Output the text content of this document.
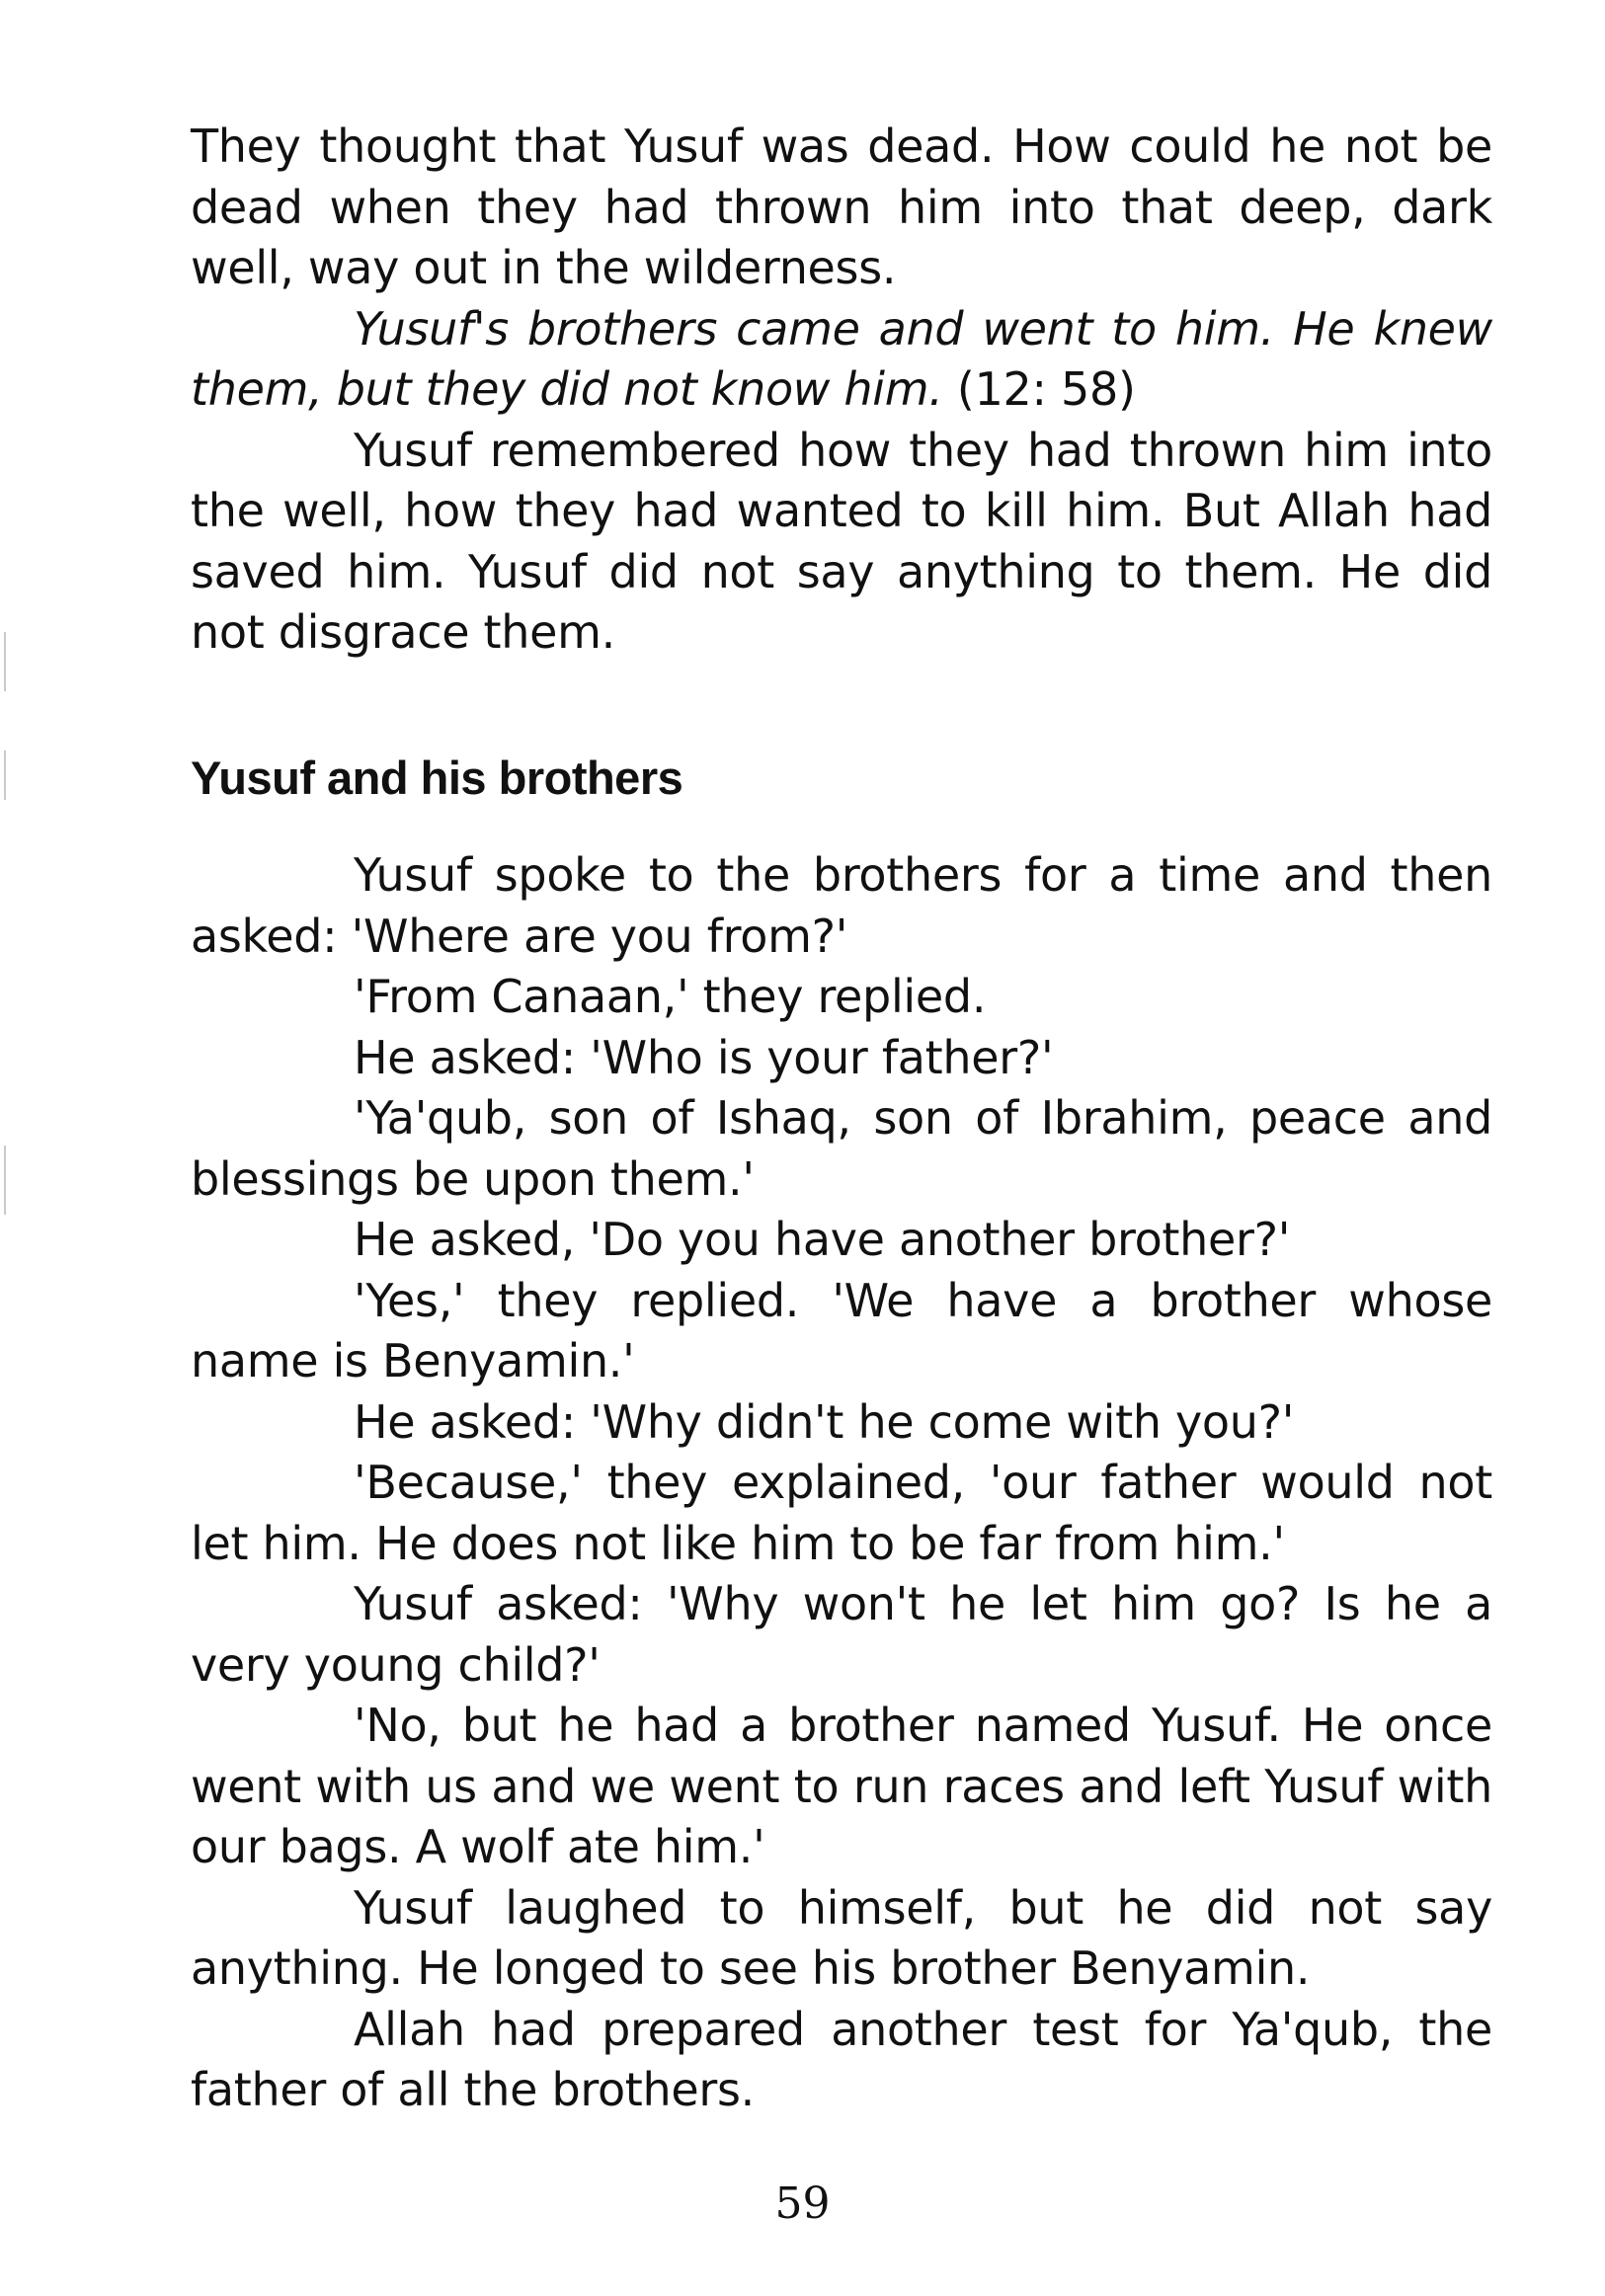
They thought that Yusuf was dead. How could he not be dead when they had thrown him into that deep, dark well, way out in the wilderness.

Yusuf's brothers came and went to him. He knew them, but they did not know him. (12: 58)

Yusuf remembered how they had thrown him into the well, how they had wanted to kill him. But Allah had saved him. Yusuf did not say anything to them. He did not disgrace them.

Yusuf and his brothers

Yusuf spoke to the brothers for a time and then asked: 'Where are you from?'

'From Canaan,' they replied.

He asked: 'Who is your father?'

'Ya'qub, son of Ishaq, son of Ibrahim, peace and blessings be upon them.'

He asked, 'Do you have another brother?'

'Yes,' they replied. 'We have a brother whose name is Benyamin.'

He asked: 'Why didn't he come with you?'

'Because,' they explained, 'our father would not let him. He does not like him to be far from him.'

Yusuf asked: 'Why won't he let him go? Is he a very young child?'

'No, but he had a brother named Yusuf. He once went with us and we went to run races and left Yusuf with our bags. A wolf ate him.'

Yusuf laughed to himself, but he did not say anything. He longed to see his brother Benyamin.

Allah had prepared another test for Ya'qub, the father of all the brothers.

59
